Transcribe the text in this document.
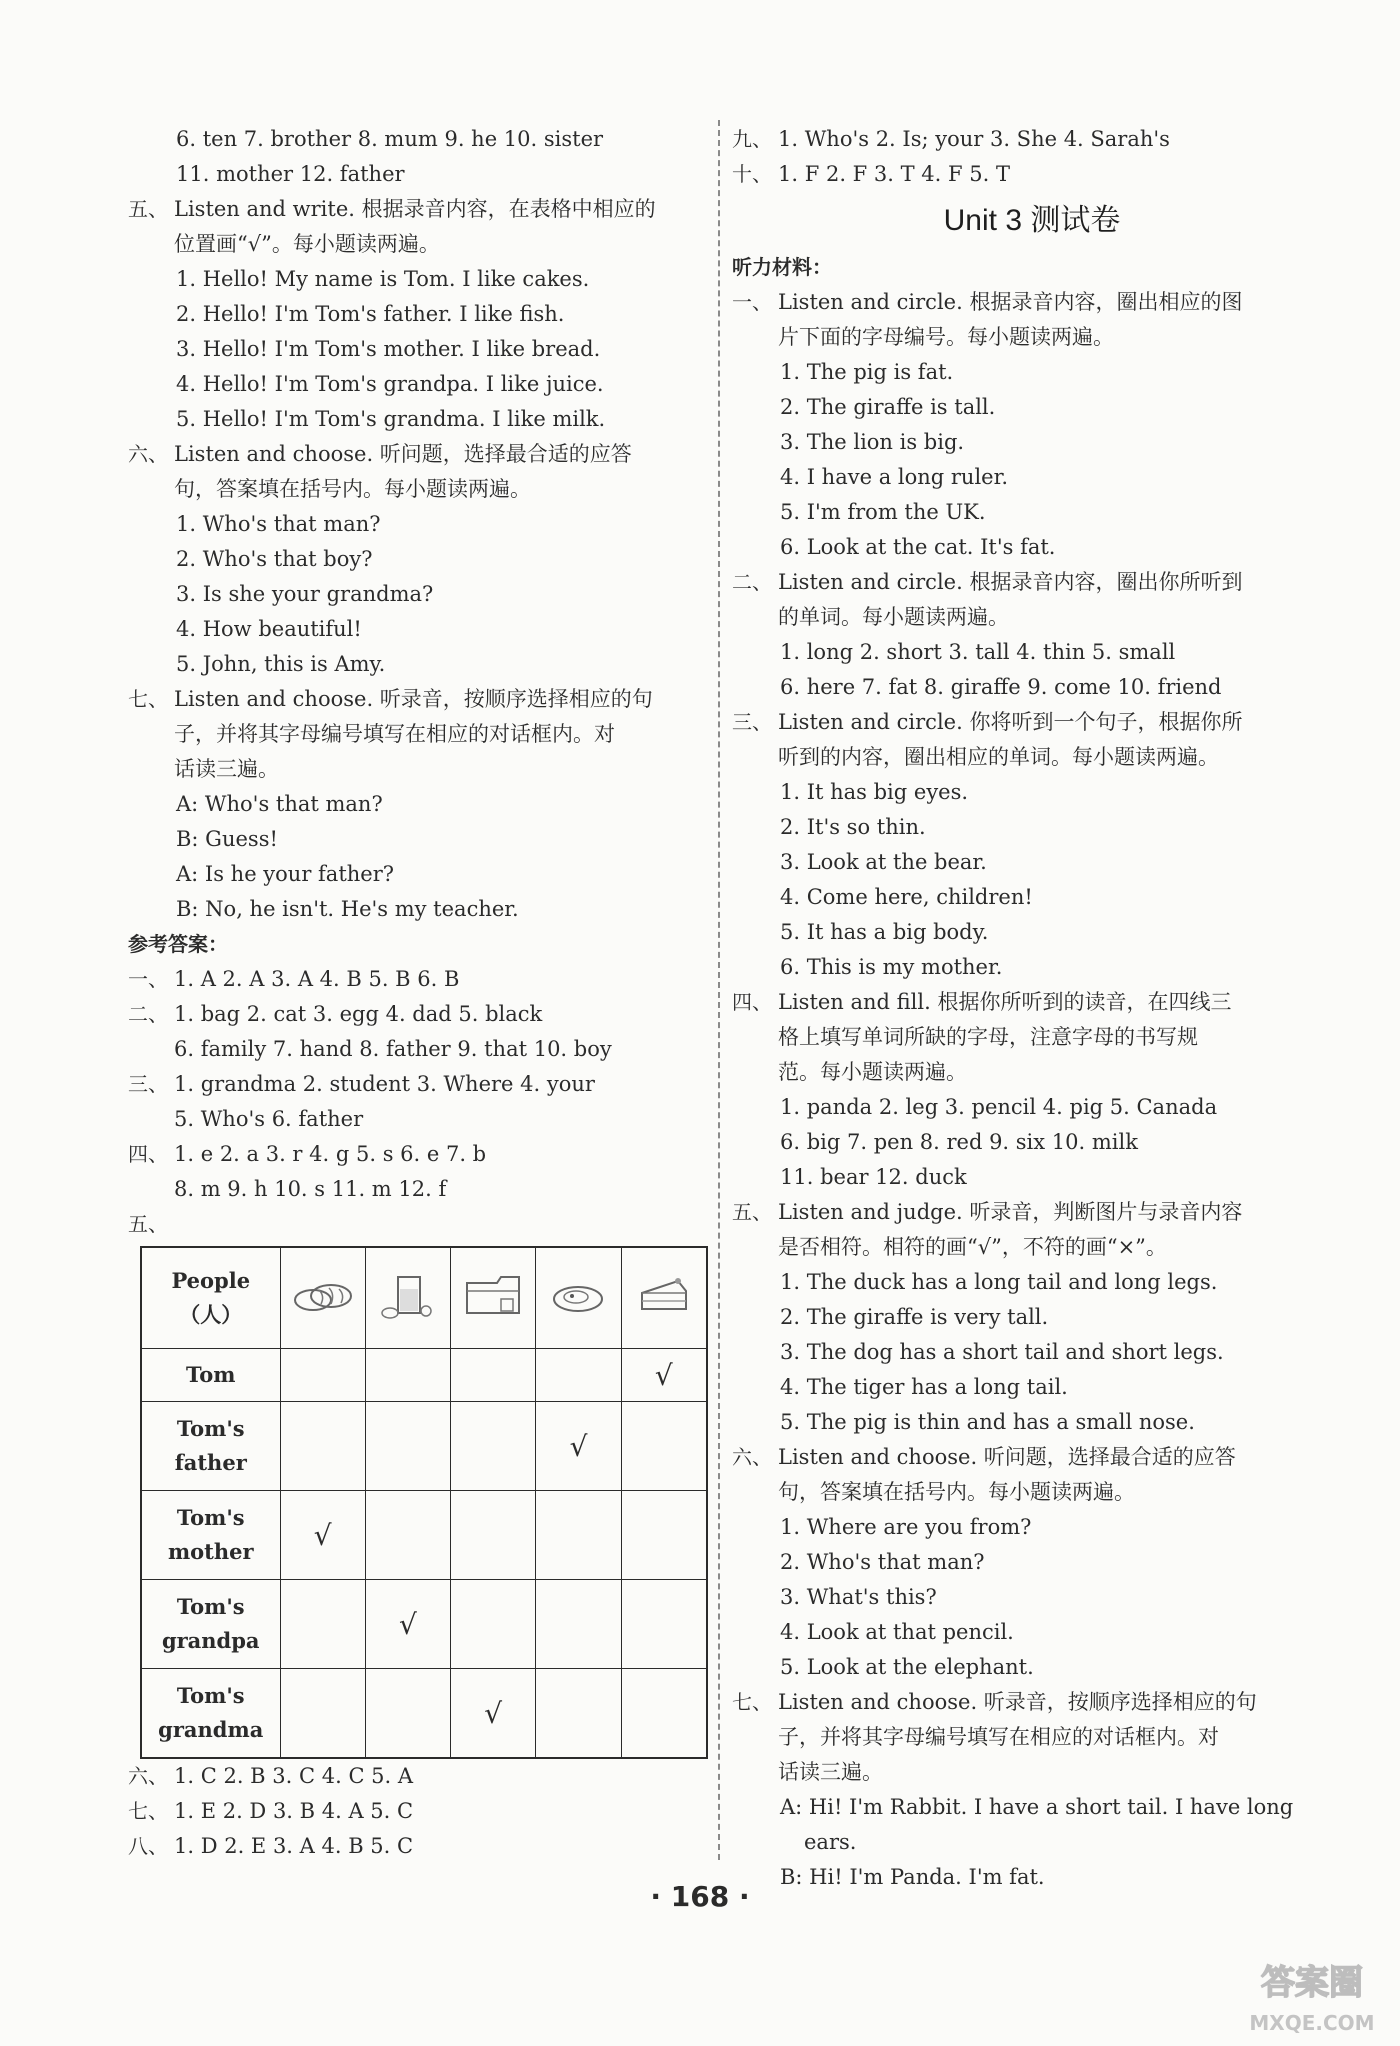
6. ten 7. brother 8. mum 9. he 10. sister
11. mother 12. father
五、 Listen and write. 根据录音内容，在表格中相应的
位置画“√”。每小题读两遍。
1. Hello! My name is Tom. I like cakes.
2. Hello! I'm Tom's father. I like fish.
3. Hello! I'm Tom's mother. I like bread.
4. Hello! I'm Tom's grandpa. I like juice.
5. Hello! I'm Tom's grandma. I like milk.
六、 Listen and choose. 听问题，选择最合适的应答
句，答案填在括号内。每小题读两遍。
1. Who's that man?
2. Who's that boy?
3. Is she your grandma?
4. How beautiful!
5. John, this is Amy.
七、 Listen and choose. 听录音，按顺序选择相应的句
子，并将其字母编号填写在相应的对话框内。对
话读三遍。
A: Who's that man?
B: Guess!
A: Is he your father?
B: No, he isn't. He's my teacher.
参考答案：
一、 1. A 2. A 3. A 4. B 5. B 6. B
二、 1. bag 2. cat 3. egg 4. dad 5. black
6. family 7. hand 8. father 9. that 10. boy
三、 1. grandma 2. student 3. Where 4. your
5. Who's 6. father
四、 1. e 2. a 3. r 4. g 5. s 6. e 7. b
8. m 9. h 10. s 11. m 12. f
五、
People
（人）

Tom					√

Tom's
father				√	

Tom's
mother	√				

Tom's
grandpa		√			

Tom's
grandma			√		
六、 1. C 2. B 3. C 4. C 5. A
七、 1. E 2. D 3. B 4. A 5. C
八、 1. D 2. E 3. A 4. B 5. C
九、 1. Who's 2. Is; your 3. She 4. Sarah's
十、 1. F 2. F 3. T 4. F 5. T
Unit 3 测试卷
听力材料：
一、 Listen and circle. 根据录音内容，圈出相应的图
片下面的字母编号。每小题读两遍。
1. The pig is fat.
2. The giraffe is tall.
3. The lion is big.
4. I have a long ruler.
5. I'm from the UK.
6. Look at the cat. It's fat.
二、 Listen and circle. 根据录音内容，圈出你所听到
的单词。每小题读两遍。
1. long 2. short 3. tall 4. thin 5. small
6. here 7. fat 8. giraffe 9. come 10. friend
三、 Listen and circle. 你将听到一个句子，根据你所
听到的内容，圈出相应的单词。每小题读两遍。
1. It has big eyes.
2. It's so thin.
3. Look at the bear.
4. Come here, children!
5. It has a big body.
6. This is my mother.
四、 Listen and fill. 根据你所听到的读音，在四线三
格上填写单词所缺的字母，注意字母的书写规
范。每小题读两遍。
1. panda 2. leg 3. pencil 4. pig 5. Canada
6. big 7. pen 8. red 9. six 10. milk
11. bear 12. duck
五、 Listen and judge. 听录音，判断图片与录音内容
是否相符。相符的画“√”，不符的画“×”。
1. The duck has a long tail and long legs.
2. The giraffe is very tall.
3. The dog has a short tail and short legs.
4. The tiger has a long tail.
5. The pig is thin and has a small nose.
六、 Listen and choose. 听问题，选择最合适的应答
句，答案填在括号内。每小题读两遍。
1. Where are you from?
2. Who's that man?
3. What's this?
4. Look at that pencil.
5. Look at the elephant.
七、 Listen and choose. 听录音，按顺序选择相应的句
子，并将其字母编号填写在相应的对话框内。对
话读三遍。
A: Hi! I'm Rabbit. I have a short tail. I have long
ears.
B: Hi! I'm Panda. I'm fat.
· 168 ·
答案圈
MXQE.COM
